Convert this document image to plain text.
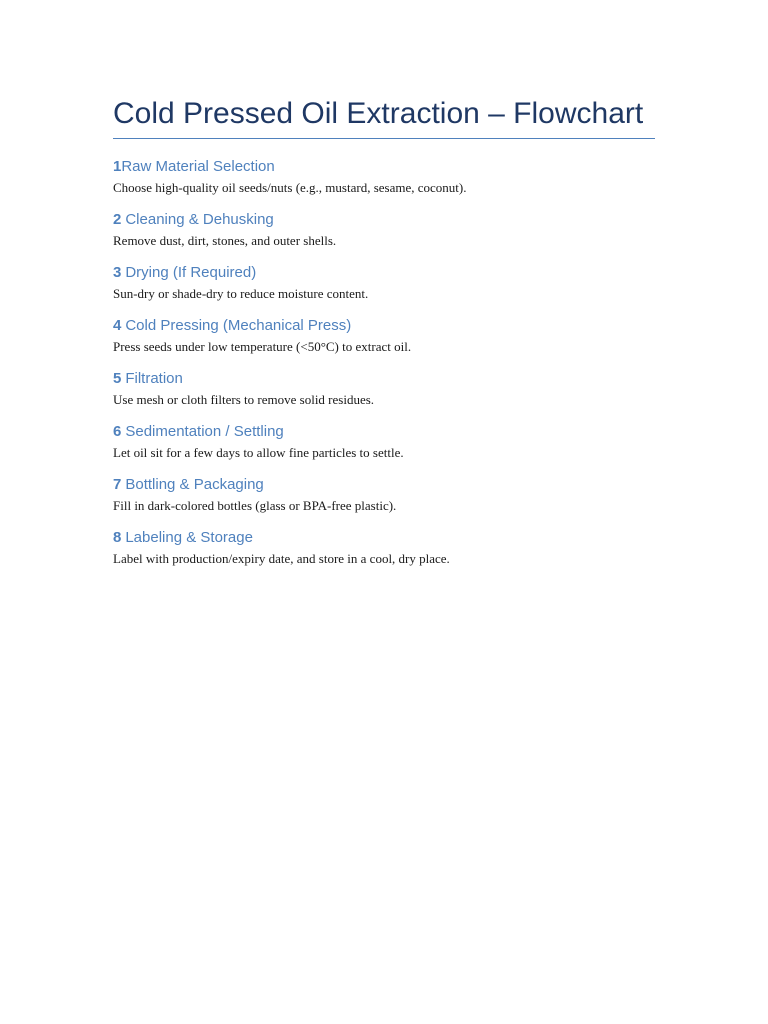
Cold Pressed Oil Extraction – Flowchart
1Raw Material Selection

Choose high-quality oil seeds/nuts (e.g., mustard, sesame, coconut).

2 Cleaning & Dehusking

Remove dust, dirt, stones, and outer shells.

3 Drying (If Required)

Sun-dry or shade-dry to reduce moisture content.

4 Cold Pressing (Mechanical Press)

Press seeds under low temperature (<50°C) to extract oil.

5 Filtration

Use mesh or cloth filters to remove solid residues.

6 Sedimentation / Settling

Let oil sit for a few days to allow fine particles to settle.

7 Bottling & Packaging

Fill in dark-colored bottles (glass or BPA-free plastic).

8 Labeling & Storage

Label with production/expiry date, and store in a cool, dry place.
